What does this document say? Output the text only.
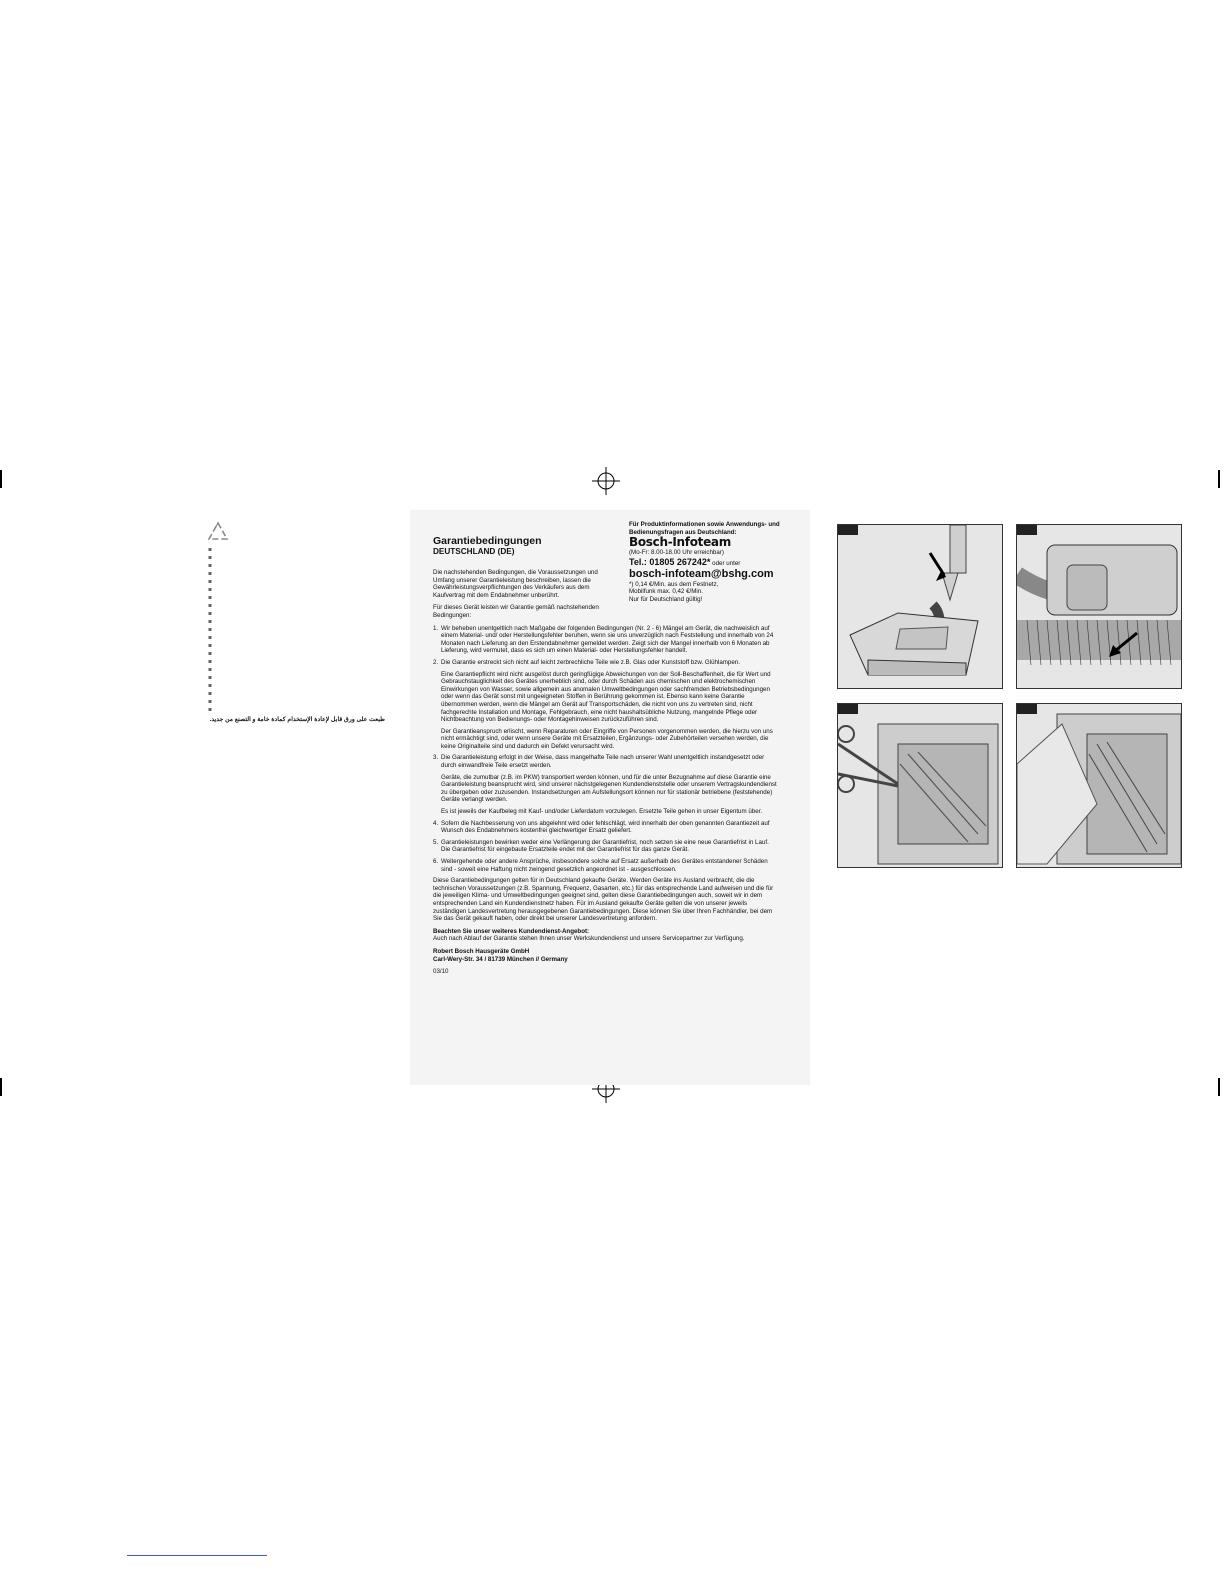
طبعت على ورق قابل لإعادة الإستخدام كمادة خامة و التصنع من جديد.
Für Produktinformationen sowie Anwendungs- und Bedienungsfragen aus Deutschland:
Bosch-Infoteam
(Mo-Fr: 8.00-18.00 Uhr erreichbar)
Tel.: 01805 267242* oder unter
bosch-infoteam@bshg.com
*) 0,14 €/Min. aus dem Festnetz,
Mobilfunk max. 0,42 €/Min.
Nur für Deutschland gültig!
Garantiebedingungen
DEUTSCHLAND (DE)
Die nachstehenden Bedingungen, die Voraussetzungen und Umfang unserer Garantieleistung beschreiben, lassen die Gewährleistungsverpflichtungen des Verkäufers aus dem Kaufvertrag mit dem Endabnehmer unberührt.
Für dieses Gerät leisten wir Garantie gemäß nachstehenden Bedingungen:
1. Wir beheben unentgeltlich nach Maßgabe der folgenden Bedingungen (Nr. 2 - 6) Mängel am Gerät, die nachweislich auf einem Material- und/ oder Herstellungsfehler beruhen, wenn sie uns unverzüglich nach Feststellung und innerhalb von 24 Monaten nach Lieferung an den Erstendabnehmer gemeldet werden. Zeigt sich der Mangel innerhalb von 6 Monaten ab Lieferung, wird vermutet, dass es sich um einen Material- oder Herstellungsfehler handelt.
2. Die Garantie erstreckt sich nicht auf leicht zerbrechliche Teile wie z.B. Glas oder Kunststoff bzw. Glühlampen.
Eine Garantiepflicht wird nicht ausgelöst durch geringfügige Abweichungen von der Soll-Beschaffenheit, die für Wert und Gebrauchstauglichkeit des Gerätes unerheblich sind, oder durch Schäden aus chemischen und elektrochemischen Einwirkungen von Wasser, sowie allgemein aus anomalen Umweltbedingungen oder sachfremden Betriebsbedingungen oder wenn das Gerät sonst mit ungeeigneten Stoffen in Berührung gekommen ist. Ebenso kann keine Garantie übernommen werden, wenn die Mängel am Gerät auf Transportschäden, die nicht von uns zu vertreten sind, nicht fachgerechte Installation und Montage, Fehlgebrauch, eine nicht haushaltsübliche Nutzung, mangelnde Pflege oder Nichtbeachtung von Bedienungs- oder Montagehinweisen zurückzuführen sind.
Der Garantieanspruch erlischt, wenn Reparaturen oder Eingriffe von Personen vorgenommen werden, die hierzu von uns nicht ermächtigt sind, oder wenn unsere Geräte mit Ersatzteilen, Ergänzungs- oder Zubehörteilen versehen werden, die keine Originalteile sind und dadurch ein Defekt verursacht wird.
3. Die Garantieleistung erfolgt in der Weise, dass mangelhafte Teile nach unserer Wahl unentgeltlich instandgesetzt oder durch einwandfreie Teile ersetzt werden.
Geräte, die zumutbar (z.B. im PKW) transportiert werden können, und für die unter Bezugnahme auf diese Garantie eine Garantieleistung beansprucht wird, sind unserer nächstgelegenen Kundendienststelle oder unserem Vertragskundendienst zu übergeben oder zuzusenden. Instandsetzungen am Aufstellungsort können nur für stationär betriebene (feststehende) Geräte verlangt werden.
Es ist jeweils der Kaufbeleg mit Kauf- und/oder Lieferdatum vorzulegen. Ersetzte Teile gehen in unser Eigentum über.
4. Sofern die Nachbesserung von uns abgelehnt wird oder fehlschlägt, wird innerhalb der oben genannten Garantiezeit auf Wunsch des Endabnehmers kostenfrei gleichwertiger Ersatz geliefert.
5. Garantieleistungen bewirken weder eine Verlängerung der Garantiefrist, noch setzen sie eine neue Garantiefrist in Lauf. Die Garantiefrist für eingebaute Ersatzteile endet mit der Garantiefrist für das ganze Gerät.
6. Weitergehende oder andere Ansprüche, insbesondere solche auf Ersatz außerhalb des Gerätes entstandener Schäden sind - soweit eine Haftung nicht zwingend gesetzlich angeordnet ist - ausgeschlossen.
Diese Garantiebedingungen gelten für in Deutschland gekaufte Geräte. Werden Geräte ins Ausland verbracht, die die technischen Voraussetzungen (z.B. Spannung, Frequenz, Gasarten, etc.) für das entsprechende Land aufweisen und die für die jeweiligen Klima- und Umweltbedingungen geeignet sind, gelten diese Garantiebedingungen auch, soweit wir in dem entsprechenden Land ein Kundendienstnetz haben. Für im Ausland gekaufte Geräte gelten die von unserer jeweils zuständigen Landesvertretung herausgegebenen Garantiebedingungen. Diese können Sie über Ihren Fachhändler, bei dem Sie das Gerät gekauft haben, oder direkt bei unserer Landesvertretung anfordern.
Beachten Sie unser weiteres Kundendienst-Angebot:
Auch nach Ablauf der Garantie stehen Ihnen unser Werkskundendienst und unsere Servicepartner zur Verfügung.
Robert Bosch Hausgeräte GmbH
Carl-Wery-Str. 34 / 81739 München // Germany
03/10
